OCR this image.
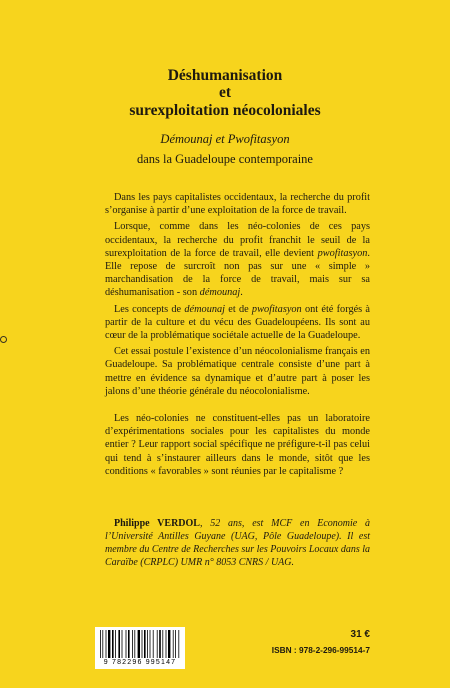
Déshumanisation
et
surexploitation néocoloniales
Démounaj et Pwofitasyon
dans la Guadeloupe contemporaine

Dans les pays capitalistes occidentaux, la recherche du profit s’organise à partir d’une exploitation de la force de travail.

Lorsque, comme dans les néo-colonies de ces pays occidentaux, la recherche du profit franchit le seuil de la surexploitation de la force de travail, elle devient pwofitasyon. Elle repose de surcroît non pas sur une « simple » marchandisation de la force de travail, mais sur sa déshumanisation - son démounaj.

Les concepts de démounaj et de pwofitasyon ont été forgés à partir de la culture et du vécu des Guadeloupéens. Ils sont au cœur de la problématique sociétale actuelle de la Guadeloupe.

Cet essai postule l’existence d’un néocolonialisme français en Guadeloupe. Sa problématique centrale consiste d’une part à mettre en évidence sa dynamique et d’autre part à poser les jalons d’une théorie générale du néocolonialisme.

Les néo-colonies ne constituent-elles pas un laboratoire d’expérimentations sociales pour les capitalistes du monde entier ? Leur rapport social spécifique ne préfigure-t-il pas celui qui tend à s’instaurer ailleurs dans le monde, sitôt que les conditions « favorables » sont réunies par le capitalisme ?

Philippe VERDOL, 52 ans, est MCF en Economie à l’Université Antilles Guyane (UAG, Pôle Guadeloupe). Il est membre du Centre de Recherches sur les Pouvoirs Locaux dans la Caraïbe (CRPLC) UMR n° 8053 CNRS / UAG.

31 €
ISBN : 978-2-296-99514-7
9 782296 995147
